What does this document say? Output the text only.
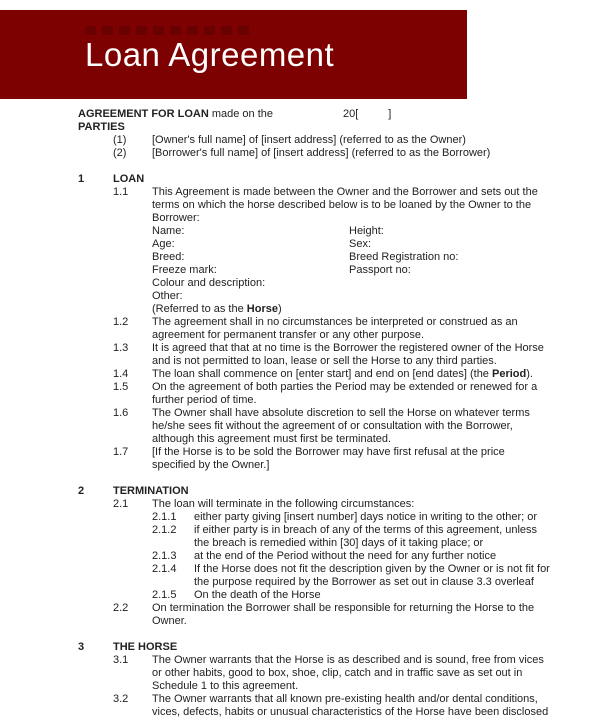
Loan Agreement
AGREEMENT FOR LOAN made on the	20[	]
PARTIES
(1)	[Owner's full name] of [insert address] (referred to as the Owner)
(2)	[Borrower's full name] of [insert address] (referred to as the Borrower)
1	LOAN
1.1	This Agreement is made between the Owner and the Borrower and sets out the
terms on which the horse described below is to be loaned by the Owner to the
Borrower:
Name:	Height:
Age:	Sex:
Breed:	Breed Registration no:
Freeze mark:	Passport no:
Colour and description:
Other:
(Referred to as the Horse)
1.2	The agreement shall in no circumstances be interpreted or construed as an
agreement for permanent transfer or any other purpose.
1.3	It is agreed that that at no time is the Borrower the registered owner of the Horse
and is not permitted to loan, lease or sell the Horse to any third parties.
1.4	The loan shall commence on [enter start] and end on [end dates] (the Period).
1.5	On the agreement of both parties the Period may be extended or renewed for a
further period of time.
1.6	The Owner shall have absolute discretion to sell the Horse on whatever terms
he/she sees fit without the agreement of or consultation with the Borrower,
although this agreement must first be terminated.
1.7	[If the Horse is to be sold the Borrower may have first refusal at the price
specified by the Owner.]
2	TERMINATION
2.1	The loan will terminate in the following circumstances:
2.1.1	either party giving [insert number] days notice in writing to the other; or
2.1.2	if either party is in breach of any of the terms of this agreement, unless
the breach is remedied within [30] days of it taking place; or
2.1.3	at the end of the Period without the need for any further notice
2.1.4	If the Horse does not fit the description given by the Owner or is not fit for
the purpose required by the Borrower as set out in clause 3.3 overleaf
2.1.5	On the death of the Horse
2.2	On termination the Borrower shall be responsible for returning the Horse to the
Owner.
3	THE HORSE
3.1	The Owner warrants that the Horse is as described and is sound, free from vices
or other habits, good to box, shoe, clip, catch and in traffic save as set out in
Schedule 1 to this agreement.
3.2	The Owner warrants that all known pre-existing health and/or dental conditions,
vices, defects, habits or unusual characteristics of the Horse have been disclosed
